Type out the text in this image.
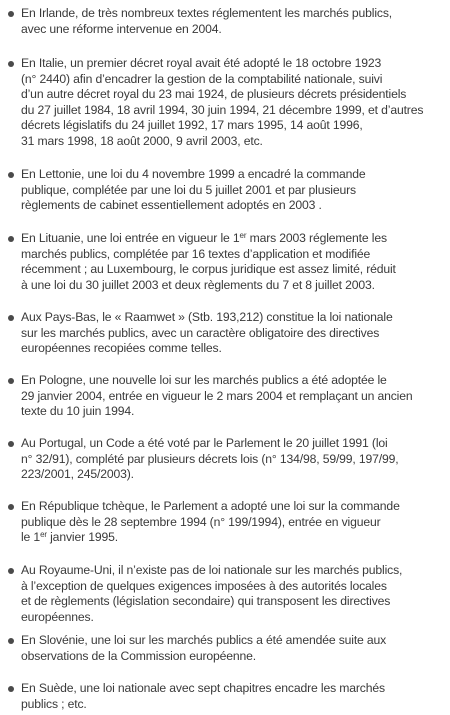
En Irlande, de très nombreux textes réglementent les marchés publics,
avec une réforme intervenue en 2004.
En Italie, un premier décret royal avait été adopté le 18 octobre 1923
(n° 2440) afin d’encadrer la gestion de la comptabilité nationale, suivi
d’un autre décret royal du 23 mai 1924, de plusieurs décrets présidentiels
du 27 juillet 1984, 18 avril 1994, 30 juin 1994, 21 décembre 1999, et d’autres
décrets législatifs du 24 juillet 1992, 17 mars 1995, 14 août 1996,
31 mars 1998, 18 août 2000, 9 avril 2003, etc.
En Lettonie, une loi du 4 novembre 1999 a encadré la commande
publique, complétée par une loi du 5 juillet 2001 et par plusieurs
règlements de cabinet essentiellement adoptés en 2003 .
En Lituanie, une loi entrée en vigueur le 1er mars 2003 réglemente les
marchés publics, complétée par 16 textes d’application et modifiée
récemment ; au Luxembourg, le corpus juridique est assez limité, réduit
à une loi du 30 juillet 2003 et deux règlements du 7 et 8 juillet 2003.
Aux Pays-Bas, le « Raamwet » (Stb. 193,212) constitue la loi nationale
sur les marchés publics, avec un caractère obligatoire des directives
européennes recopiées comme telles.
En Pologne, une nouvelle loi sur les marchés publics a été adoptée le
29 janvier 2004, entrée en vigueur le 2 mars 2004 et remplaçant un ancien
texte du 10 juin 1994.
Au Portugal, un Code a été voté par le Parlement le 20 juillet 1991 (loi
n° 32/91), complété par plusieurs décrets lois (n° 134/98, 59/99, 197/99,
223/2001, 245/2003).
En République tchèque, le Parlement a adopté une loi sur la commande
publique dès le 28 septembre 1994 (n° 199/1994), entrée en vigueur
le 1er janvier 1995.
Au Royaume-Uni, il n’existe pas de loi nationale sur les marchés publics,
à l’exception de quelques exigences imposées à des autorités locales
et de règlements (législation secondaire) qui transposent les directives
européennes.
En Slovénie, une loi sur les marchés publics a été amendée suite aux
observations de la Commission européenne.
En Suède, une loi nationale avec sept chapitres encadre les marchés
publics ; etc.
